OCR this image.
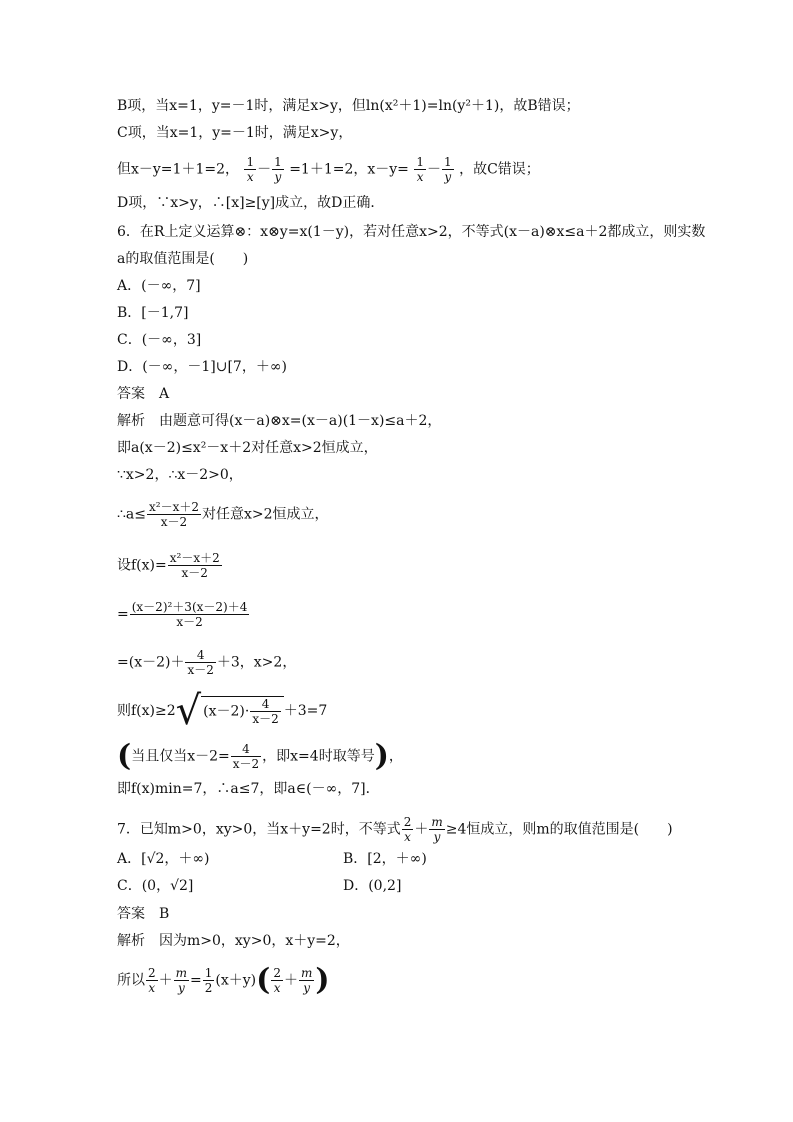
B项，当x=1，y=－1时，满足x>y，但ln(x²＋1)=ln(y²＋1)，故B错误；
C项，当x=1，y=－1时，满足x>y，
但x－y=1＋1=2， $\frac{1}{x} - \frac{1}{y} =1+1=2$，$x-y= \frac{1}{x} - \frac{1}{y}$ ，故C错误；
D项，∵x>y，∴[x]≥[y]成立，故D正确．
6．在R上定义运算⊗：x⊗y=x(1－y)，若对任意x>2，不等式(x－a)⊗x≤a＋2都成立，则实数
a的取值范围是(　　)
A．(－∞，7]
B．[－1,7]
C．(－∞，3]
D．(－∞，－1]∪[7，＋∞)
答案　A
解析　由题意可得(x－a)⊗x=(x－a)(1－x)≤a＋2，
即a(x－2)≤x²－x＋2对任意x>2恒成立，
∵x>2，∴x－2>0，
∴a≤ $\frac{\text{x²－x＋2}}{x-2}$ 对任意x>2恒成立，
设$f(x)= \frac{\text{x²－x＋2}}{x-2}$
= $\frac{\text{(x－2)²＋3(x－2)＋4}}{x-2}$
$=(x-2)+ \frac{4}{x-2} +3$，x>2，
则f(x)≥2√ $(x-2)\cdot \frac{4}{x-2} +3=7$
(当且仅当$x-2= \frac{4}{x-2}$ ，即x=4时取等号)，
即f(x)min=7，∴a≤7，即a∈(－∞，7]．
7．已知m>0，xy>0，当x＋y=2时，不等式 $\frac{2}{x} + \frac{m}{y} \ge 4$恒成立，则m的取值范围是(　　)
A．[√2，＋∞)	B．[2，＋∞)
C．(0，√2]	D．(0,2]
答案　B
解析　因为m>0，xy>0，x＋y=2，
所以 $\frac{2}{x} + \frac{m}{y} = \frac{1}{2} (x+y)( \frac{2}{x} + \frac{m}{y}$ )
